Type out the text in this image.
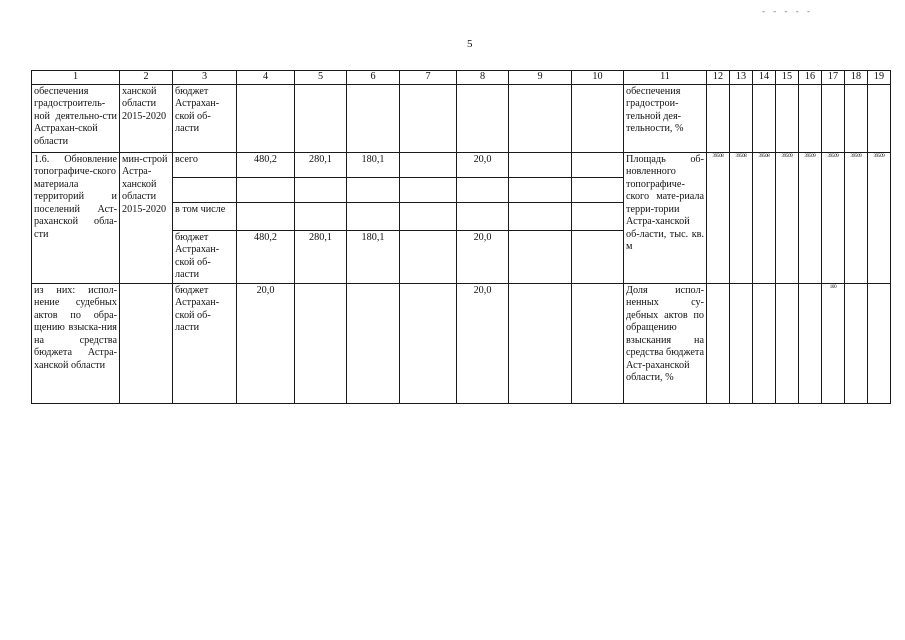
- - - - -
5
1	2	3	4	5	6	7	8	9	10	11	12	13	14	15	16	17	18	19
обеспечения градостроитель-ной деятельно-сти Астрахан-ской области	ханской области 2015-2020	бюджет Астрахан-ской об-ласти								обеспечения градострои-тельной дея-тельности, %								
1.6. Обновление топографиче-ского материала территорий и поселений Аст-раханской обла-сти	мин-строй Астра-ханской области 2015-2020	всего	480,2	280,1	180,1		20,0			Площадь об-новленного топографиче-ского мате-риала терри-тории Астра-ханской об-ласти, тыс. кв. м	39508	39508	39508	39509	39509	39509	39509	39509

		в том числе																
		бюджет Астрахан-ской об-ласти	480,2	280,1	180,1		20,0											
из них: испол-нение судебных актов по обра-щению взыска-ния на средства бюджета Астра-ханской области		бюджет Астрахан-ской об-ласти	20,0				20,0			Доля испол-ненных су-дебных актов по обращению взыскания на средства бюджета Аст-раханской области, %						100		
